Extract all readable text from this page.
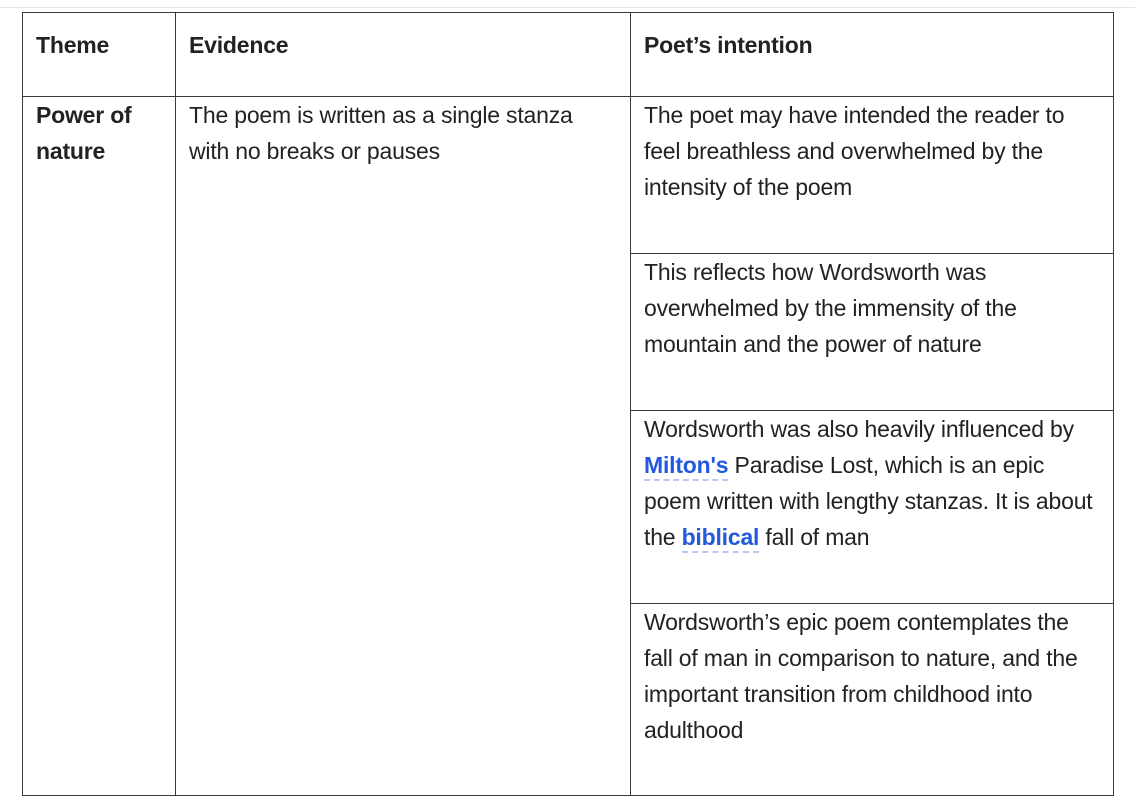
Theme	Evidence	Poet’s intention
Power of nature	The poem is written as a single stanza with no breaks or pauses	The poet may have intended the reader to feel breathless and overwhelmed by the intensity of the poem
		This reflects how Wordsworth was overwhelmed by the immensity of the mountain and the power of nature
		Wordsworth was also heavily influenced by Milton's Paradise Lost, which is an epic poem written with lengthy stanzas. It is about the biblical fall of man
		Wordsworth’s epic poem contemplates the fall of man in comparison to nature, and the important transition from childhood into adulthood
